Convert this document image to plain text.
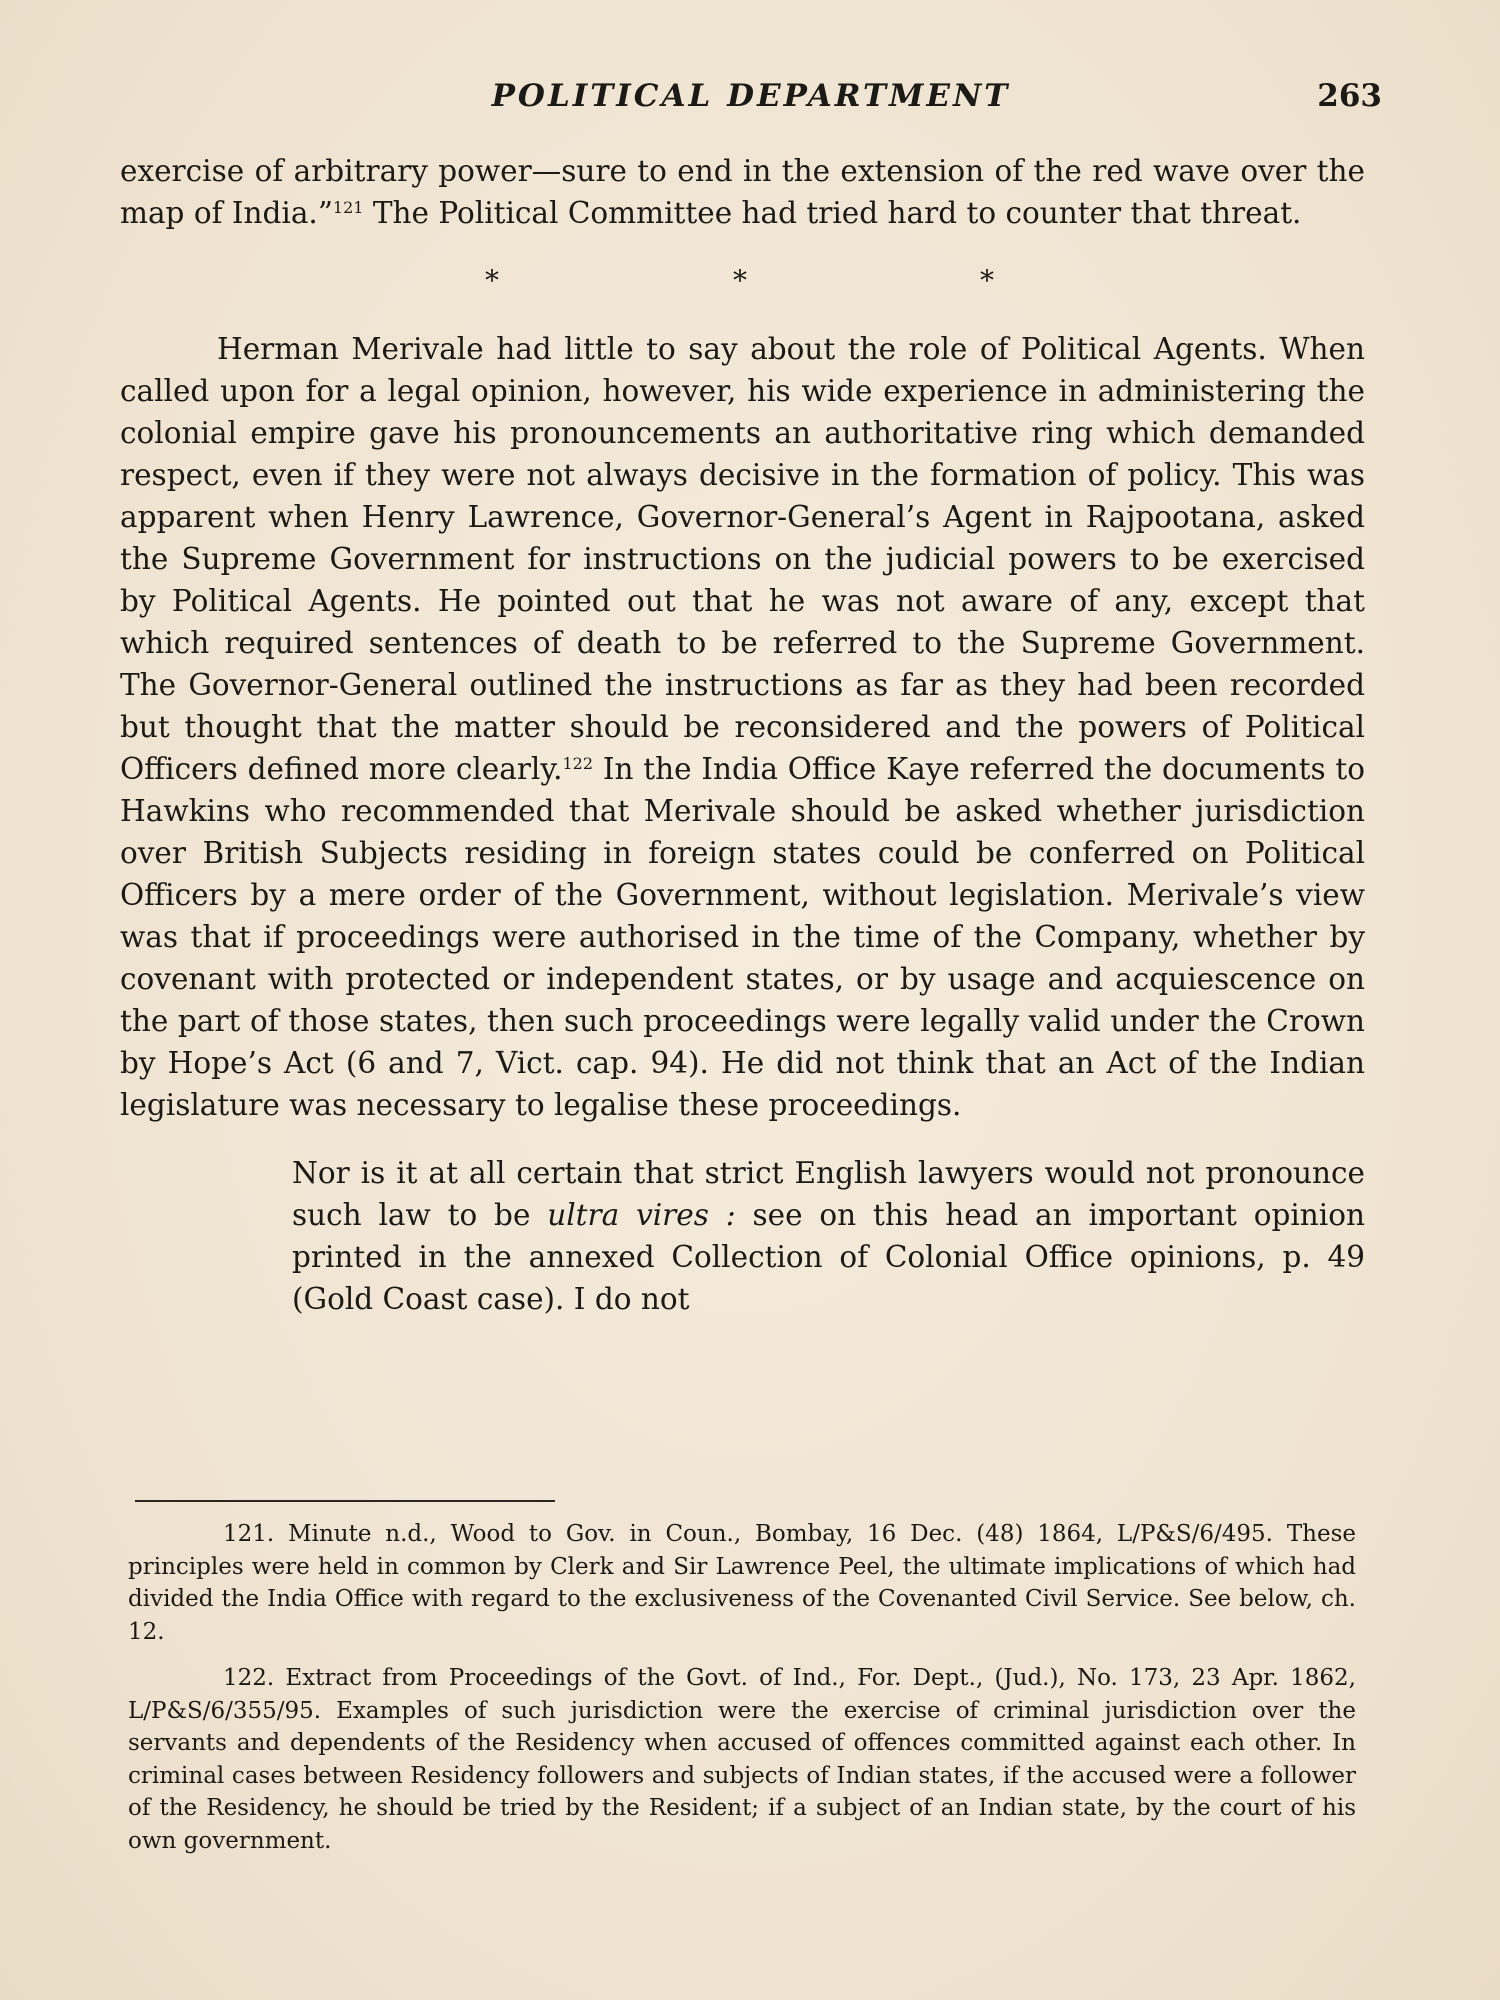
POLITICAL DEPARTMENT	263

exercise of arbitrary power—sure to end in the extension of the red wave over the map of India.”$^{121}$ The Political Committee had tried hard to counter that threat.

*	*	*

Herman Merivale had little to say about the role of Political Agents. When called upon for a legal opinion, however, his wide experience in administering the colonial empire gave his pronouncements an authoritative ring which demanded respect, even if they were not always decisive in the formation of policy. This was apparent when Henry Lawrence, Governor-General’s Agent in Rajpootana, asked the Supreme Government for instructions on the judicial powers to be exercised by Political Agents. He pointed out that he was not aware of any, except that which required sentences of death to be referred to the Supreme Government. The Governor-General outlined the instructions as far as they had been recorded but thought that the matter should be reconsidered and the powers of Political Officers defined more clearly.$^{122}$ In the India Office Kaye referred the documents to Hawkins who recommended that Merivale should be asked whether jurisdiction over British Subjects residing in foreign states could be conferred on Political Officers by a mere order of the Government, without legislation. Merivale’s view was that if proceedings were authorised in the time of the Company, whether by covenant with protected or independent states, or by usage and acquiescence on the part of those states, then such proceedings were legally valid under the Crown by Hope’s Act (6 and 7, Vict. cap. 94). He did not think that an Act of the Indian legislature was necessary to legalise these proceedings.

Nor is it at all certain that strict English lawyers would not pronounce such law to be ultra vires : see on this head an important opinion printed in the annexed Collection of Colonial Office opinions, p. 49 (Gold Coast case). I do not

121. Minute n.d., Wood to Gov. in Coun., Bombay, 16 Dec. (48) 1864, L/P&S/6/495. These principles were held in common by Clerk and Sir Lawrence Peel, the ultimate implications of which had divided the India Office with regard to the exclusiveness of the Covenanted Civil Service. See below, ch. 12.

122. Extract from Proceedings of the Govt. of Ind., For. Dept., (Jud.), No. 173, 23 Apr. 1862, L/P&S/6/355/95. Examples of such jurisdiction were the exercise of criminal jurisdiction over the servants and dependents of the Residency when accused of offences committed against each other. In criminal cases between Residency followers and subjects of Indian states, if the accused were a follower of the Residency, he should be tried by the Resident; if a subject of an Indian state, by the court of his own government.
